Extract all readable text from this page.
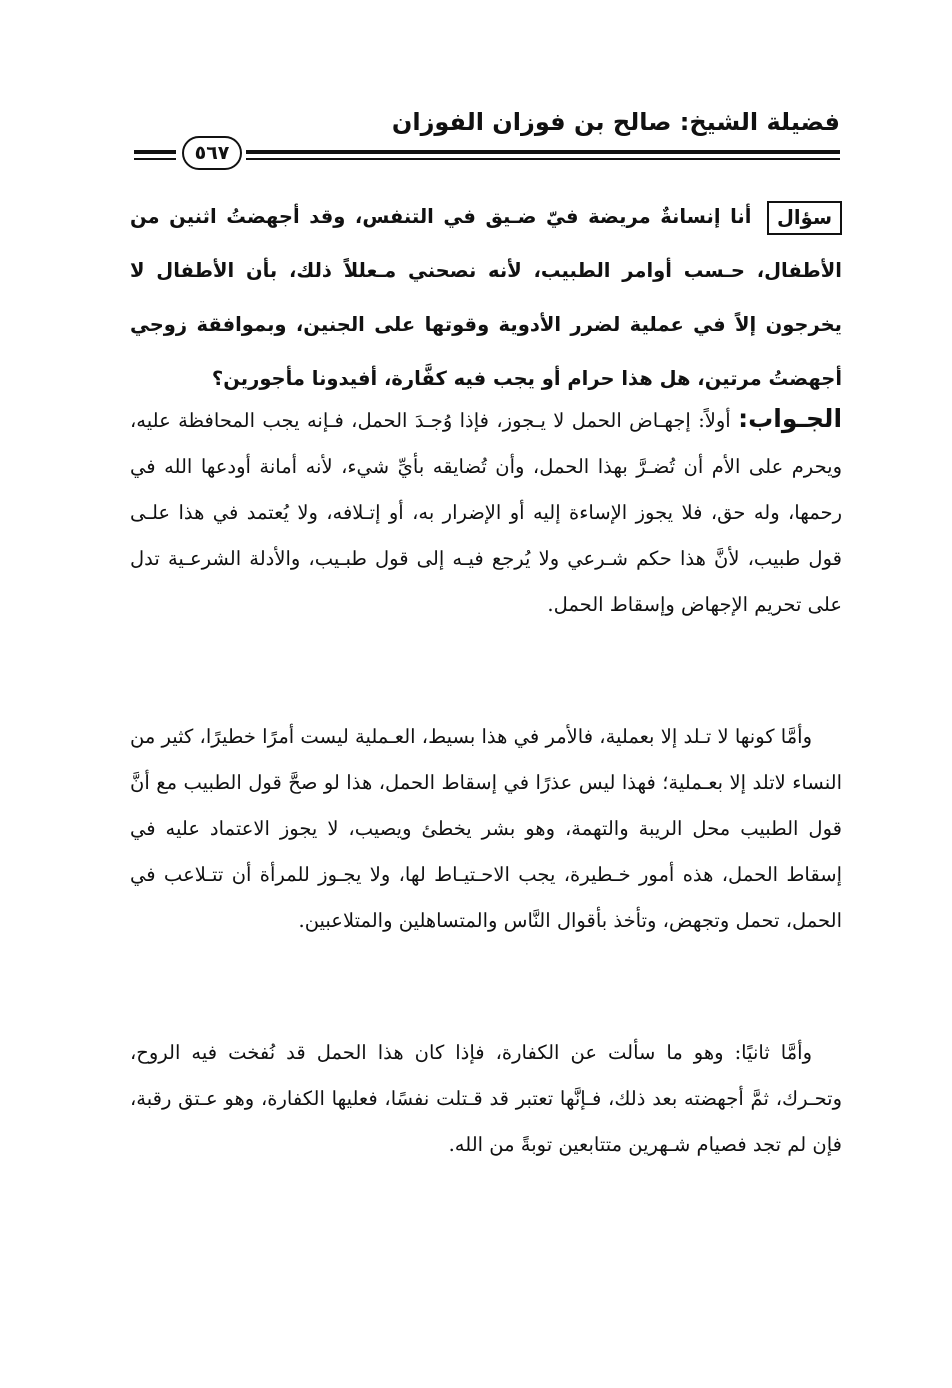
فضيلة الشيخ: صالح بن فوزان الفوزان
٥٦٧
سؤال أنا إنسانةٌ مريضة فيّ ضـيق في التنفس، وقد أجهضتُ اثنين من الأطفال، حـسب أوامر الطبيب، لأنه نصحني مـعللاً ذلك، بأن الأطفال لا يخرجون إلاً في عملية لضرر الأدوية وقوتها على الجنين، وبموافقة زوجي أجهضتُ مرتين، هل هذا حرام أو يجب فيه كفَّارة، أفيدونا مأجورين؟
الجـواب: أولاً: إجهـاض الحمل لا يـجوز، فإذا وُجـدَ الحمل، فـإنه يجب المحافظة عليه، ويحرم على الأم أن تُضـرَّ بهذا الحمل، وأن تُضايقه بأيِّ شيء، لأنه أمانة أودعها الله في رحمها، وله حق، فلا يجوز الإساءة إليه أو الإضرار به، أو إتـلافه، ولا يُعتمد في هذا علـى قول طبيب، لأنَّ هذا حكم شـرعي ولا يُرجع فيـه إلى قول طبـيب، والأدلة الشرعـية تدل على تحريم الإجهاض وإسقاط الحمل.
وأمَّا كونها لا تـلد إلا بعملية، فالأمر في هذا بسيط، العـملية ليست أمرًا خطيرًا، كثير من النساء لاتلد إلا بعـملية؛ فهذا ليس عذرًا في إسقاط الحمل، هذا لو صحَّ قول الطبيب مع أنَّ قول الطبيب محل الريبة والتهمة، وهو بشر يخطئ ويصيب، لا يجوز الاعتماد عليه في إسقاط الحمل، هذه أمور خـطيرة، يجب الاحـتيـاط لها، ولا يجـوز للمرأة أن تتـلاعب في الحمل، تحمل وتجهض، وتأخذ بأقوال النَّاس والمتساهلين والمتلاعبين.
وأمَّا ثانيًا: وهو ما سألت عن الكفارة، فإذا كان هذا الحمل قد نُفخت فيه الروح، وتحـرك، ثمَّ أجهضته بعد ذلك، فـإنَّها تعتبر قد قـتلت نفسًا، فعليها الكفارة، وهو عـتق رقبة، فإن لم تجد فصيام شـهرين متتابعين توبةً من الله.
